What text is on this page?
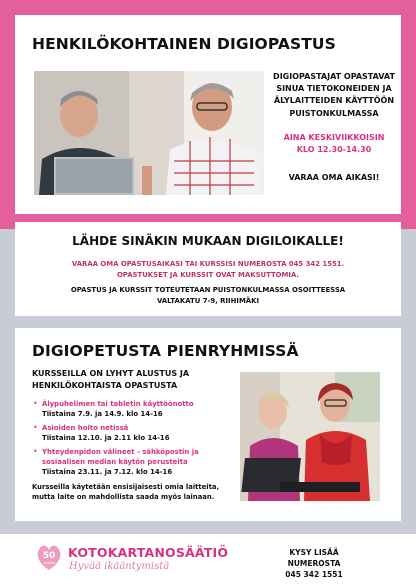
HENKILÖKOHTAINEN DIGIOPASTUS
DIGIOPASTAJAT OPASTAVAT
SINUA TIETOKONEIDEN JA
ÄLYLAITTEIDEN KÄYTTÖÖN
PUISTONKULMASSA
AINA KESKIVIIKKOISIN
KLO 12.30-14.30
VARAA OMA AIKASI!
LÄHDE SINÄKIN MUKAAN DIGILOIKALLE!
VARAA OMA OPASTUSAIKASI TAI KURSSISI NUMEROSTA 045 342 1551.
OPASTUKSET JA KURSSIT OVAT MAKSUTTOMIA.
OPASTUS JA KURSSIT TOTEUTETAAN PUISTONKULMASSA OSOITTEESSA
VALTAKATU 7-9, RIIHIMÄKI
DIGIOPETUSTA PIENRYHMISSÄ
KURSSEILLA ON LYHYT ALUSTUS JA
HENKILÖKOHTAISTA OPASTUSTA
• Älypuhelimen tai tabletin käyttöönotto
Tiistaina 7.9. ja 14.9. klo 14-16
• Asioiden hoito netissä
Tiistaina 12.10. ja 2.11 klo 14-16
• Yhteydenpidon välineet - sähköpostin ja sosiaalisen median käytön perusteita
Tiistaina 23.11. ja 7.12. klo 14-16
Kursseilla käytetään ensisijaisesti omia laitteita,
mutta laite on mahdollista saada myös lainaan.
50
vuotta
KOTOKARTANOSÄÄTIÖ
Hyvää ikääntymistä
KYSY LISÄÄ
NUMEROSTA
045 342 1551
